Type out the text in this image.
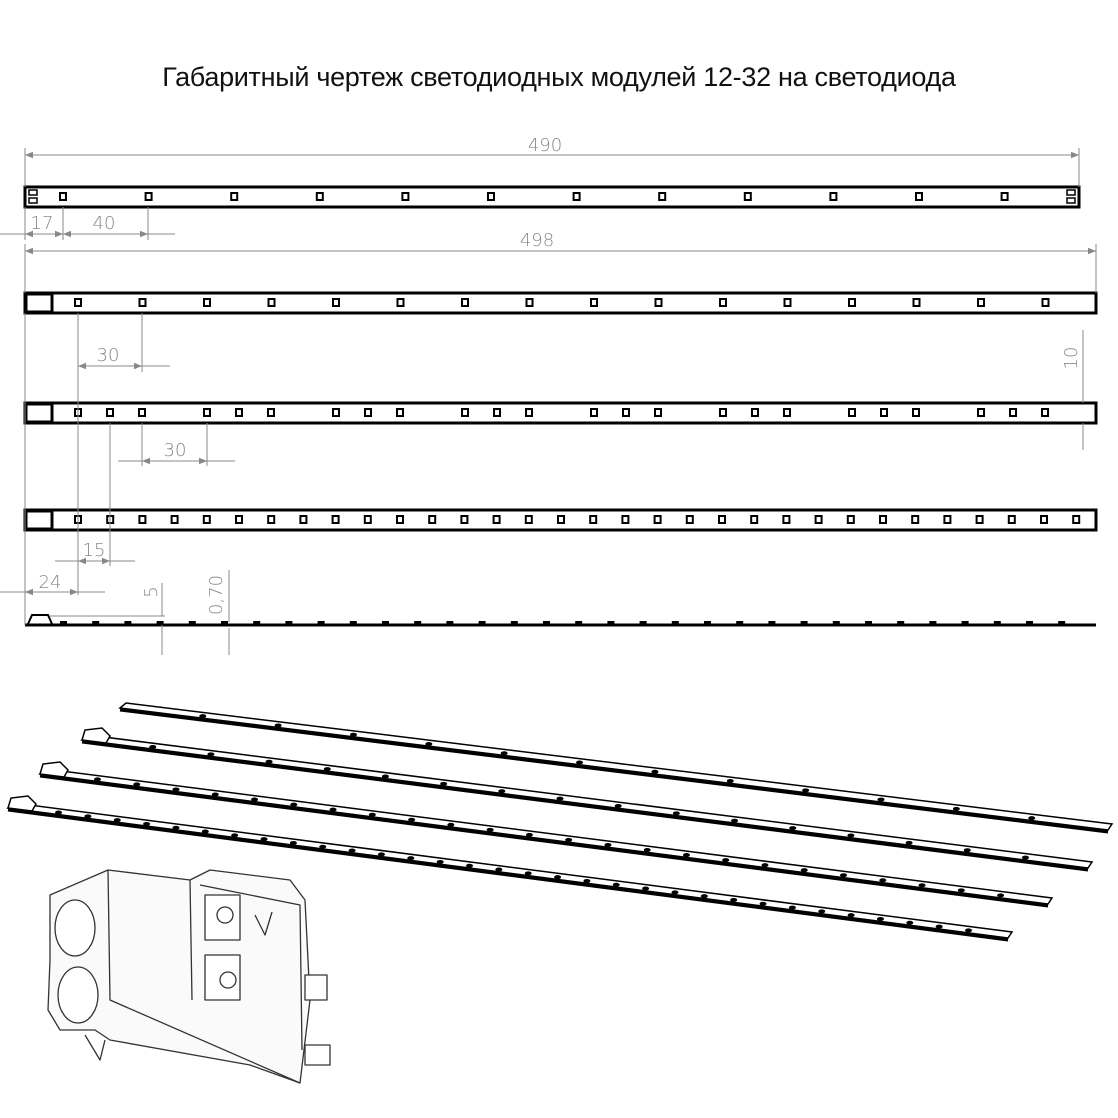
Габаритный чертеж светодиодных модулей 12-32 на светодиода
490
17 40
498
30	10
30
15
24	5 0,70
